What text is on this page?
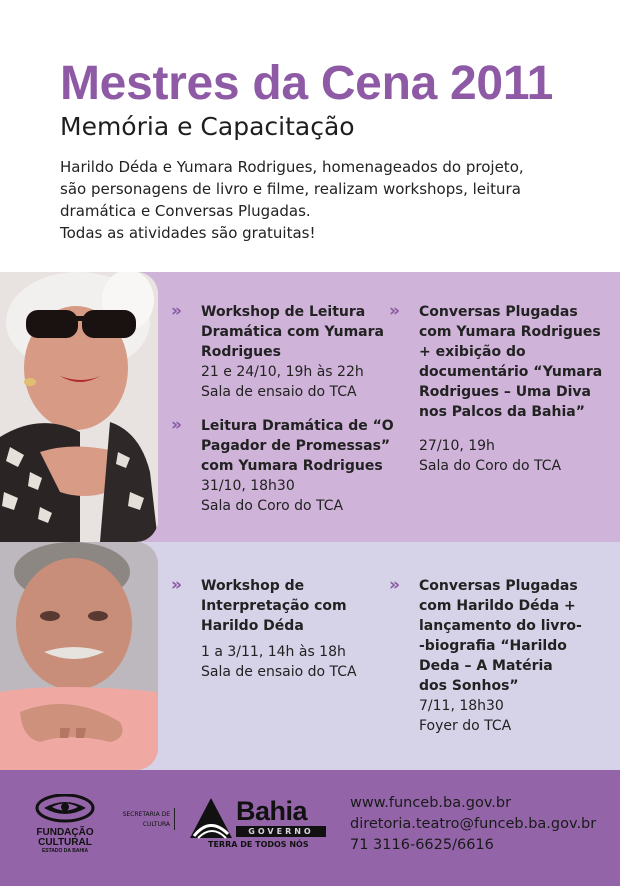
Mestres da Cena 2011
Memória e Capacitação

Harildo Déda e Yumara Rodrigues, homenageados do projeto,

são personagens de livro e filme, realizam workshops, leitura

dramática e Conversas Plugadas.

Todas as atividades são gratuitas!

» Workshop de Leitura
Dramática com Yumara
Rodrigues
21 e 24/10, 19h às 22h
Sala de ensaio do TCA
» Leitura Dramática de “O
Pagador de Promessas”
com Yumara Rodrigues
31/10, 18h30
Sala do Coro do TCA
» Conversas Plugadas
com Yumara Rodrigues
+ exibição do
documentário “Yumara
Rodrigues – Uma Diva
nos Palcos da Bahia”
27/10, 19h
Sala do Coro do TCA
» Workshop de
Interpretação com
Harildo Déda
1 a 3/11, 14h às 18h
Sala de ensaio do TCA
» Conversas Plugadas
com Harildo Déda +
lançamento do livro-
-biografia “Harildo
Deda – A Matéria
dos Sonhos”
7/11, 18h30
Foyer do TCA
FUNDAÇÃO
CULTURAL
ESTADO DA BAHIA
SECRETARIA DE
CULTURA Bahia
GOVERNO
TERRA DE TODOS NÓS
www.funceb.ba.gov.br
diretoria.teatro@funceb.ba.gov.br
71 3116-6625/6616
